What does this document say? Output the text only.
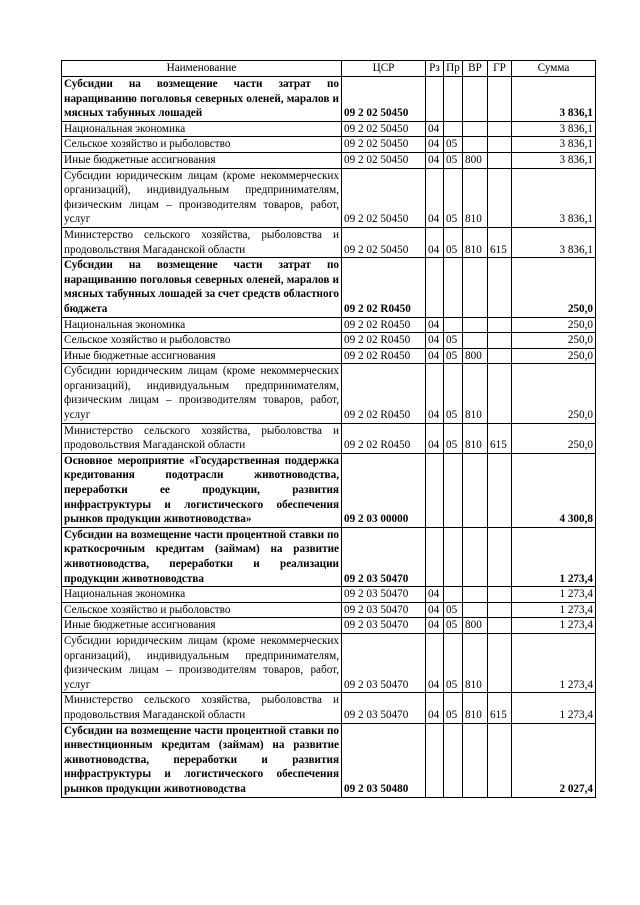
Наименование	ЦСР	Рз	Пр	ВР	ГР	Сумма
Субсидии на возмещение части затрат по наращиванию поголовья северных оленей, маралов и мясных табунных лошадей	09 2 02 50450					3 836,1
Национальная экономика	09 2 02 50450	04				3 836,1
Сельское хозяйство и рыболовство	09 2 02 50450	04	05			3 836,1
Иные бюджетные ассигнования	09 2 02 50450	04	05	800		3 836,1
Субсидии юридическим лицам (кроме некоммерческих организаций), индивидуальным предпринимателям, физическим лицам – производителям товаров, работ, услуг	09 2 02 50450	04	05	810		3 836,1
Министерство сельского хозяйства, рыболовства и продовольствия Магаданской области	09 2 02 50450	04	05	810	615	3 836,1
Субсидии на возмещение части затрат по наращиванию поголовья северных оленей, маралов и мясных табунных лошадей за счет средств областного бюджета	09 2 02 R0450					250,0
Национальная экономика	09 2 02 R0450	04				250,0
Сельское хозяйство и рыболовство	09 2 02 R0450	04	05			250,0
Иные бюджетные ассигнования	09 2 02 R0450	04	05	800		250,0
Субсидии юридическим лицам (кроме некоммерческих организаций), индивидуальным предпринимателям, физическим лицам – производителям товаров, работ, услуг	09 2 02 R0450	04	05	810		250,0
Министерство сельского хозяйства, рыболовства и продовольствия Магаданской области	09 2 02 R0450	04	05	810	615	250,0
Основное мероприятие «Государственная поддержка кредитования подотрасли животноводства, переработки ее продукции, развития инфраструктуры и логистического обеспечения рынков продукции животноводства»	09 2 03 00000					4 300,8
Субсидии на возмещение части процентной ставки по краткосрочным кредитам (займам) на развитие животноводства, переработки и реализации продукции животноводства	09 2 03 50470					1 273,4
Национальная экономика	09 2 03 50470	04				1 273,4
Сельское хозяйство и рыболовство	09 2 03 50470	04	05			1 273,4
Иные бюджетные ассигнования	09 2 03 50470	04	05	800		1 273,4
Субсидии юридическим лицам (кроме некоммерческих организаций), индивидуальным предпринимателям, физическим лицам – производителям товаров, работ, услуг	09 2 03 50470	04	05	810		1 273,4
Министерство сельского хозяйства, рыболовства и продовольствия Магаданской области	09 2 03 50470	04	05	810	615	1 273,4
Субсидии на возмещение части процентной ставки по инвестиционным кредитам (займам) на развитие животноводства, переработки и развития инфраструктуры и логистического обеспечения рынков продукции животноводства	09 2 03 50480					2 027,4
